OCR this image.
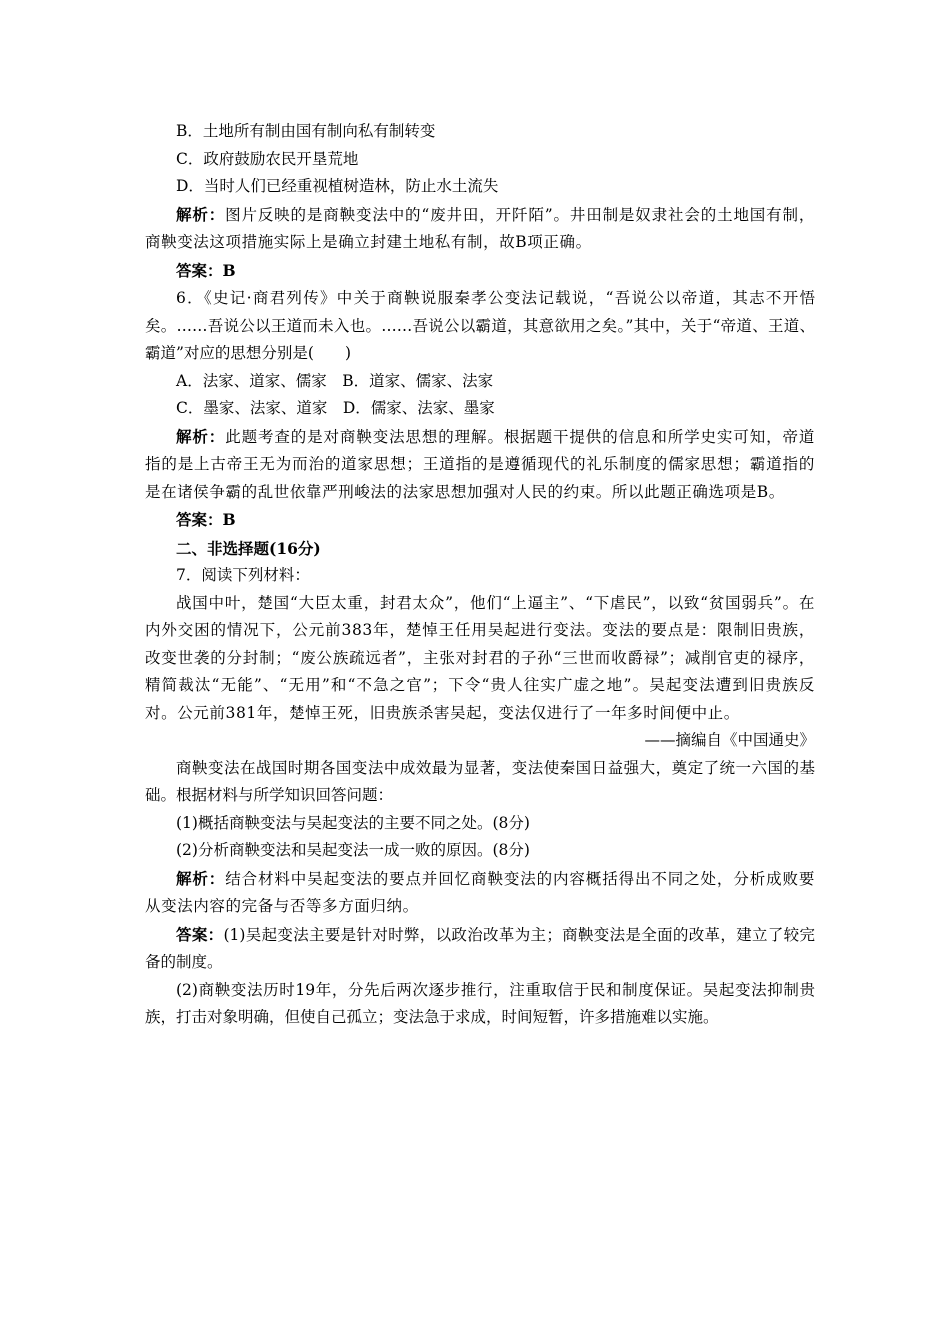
B．土地所有制由国有制向私有制转变

C．政府鼓励农民开垦荒地

D．当时人们已经重视植树造林，防止水土流失

解析：图片反映的是商鞅变法中的“废井田，开阡陌”。井田制是奴隶社会的土地国有制，商鞅变法这项措施实际上是确立封建土地私有制，故B项正确。

答案：B

6．《史记·商君列传》中关于商鞅说服秦孝公变法记载说，“吾说公以帝道，其志不开悟矣。……吾说公以王道而未入也。……吾说公以霸道，其意欲用之矣。”其中，关于“帝道、王道、霸道”对应的思想分别是(　　)

A．法家、道家、儒家　B．道家、儒家、法家

C．墨家、法家、道家　D．儒家、法家、墨家

解析：此题考查的是对商鞅变法思想的理解。根据题干提供的信息和所学史实可知，帝道指的是上古帝王无为而治的道家思想；王道指的是遵循现代的礼乐制度的儒家思想；霸道指的是在诸侯争霸的乱世依靠严刑峻法的法家思想加强对人民的约束。所以此题正确选项是B。

答案：B

二、非选择题(16分)

7．阅读下列材料：

战国中叶，楚国“大臣太重，封君太众”，他们“上逼主”、“下虐民”，以致“贫国弱兵”。在内外交困的情况下，公元前383年，楚悼王任用吴起进行变法。变法的要点是：限制旧贵族，改变世袭的分封制；“废公族疏远者”，主张对封君的子孙“三世而收爵禄”；减削官吏的禄序，精简裁汰“无能”、“无用”和“不急之官”；下令“贵人往实广虚之地”。吴起变法遭到旧贵族反对。公元前381年，楚悼王死，旧贵族杀害吴起，变法仅进行了一年多时间便中止。

——摘编自《中国通史》

商鞅变法在战国时期各国变法中成效最为显著，变法使秦国日益强大，奠定了统一六国的基础。根据材料与所学知识回答问题：

(1)概括商鞅变法与吴起变法的主要不同之处。(8分)

(2)分析商鞅变法和吴起变法一成一败的原因。(8分)

解析：结合材料中吴起变法的要点并回忆商鞅变法的内容概括得出不同之处，分析成败要从变法内容的完备与否等多方面归纳。

答案：(1)吴起变法主要是针对时弊，以政治改革为主；商鞅变法是全面的改革，建立了较完备的制度。

(2)商鞅变法历时19年，分先后两次逐步推行，注重取信于民和制度保证。吴起变法抑制贵族，打击对象明确，但使自己孤立；变法急于求成，时间短暂，许多措施难以实施。
